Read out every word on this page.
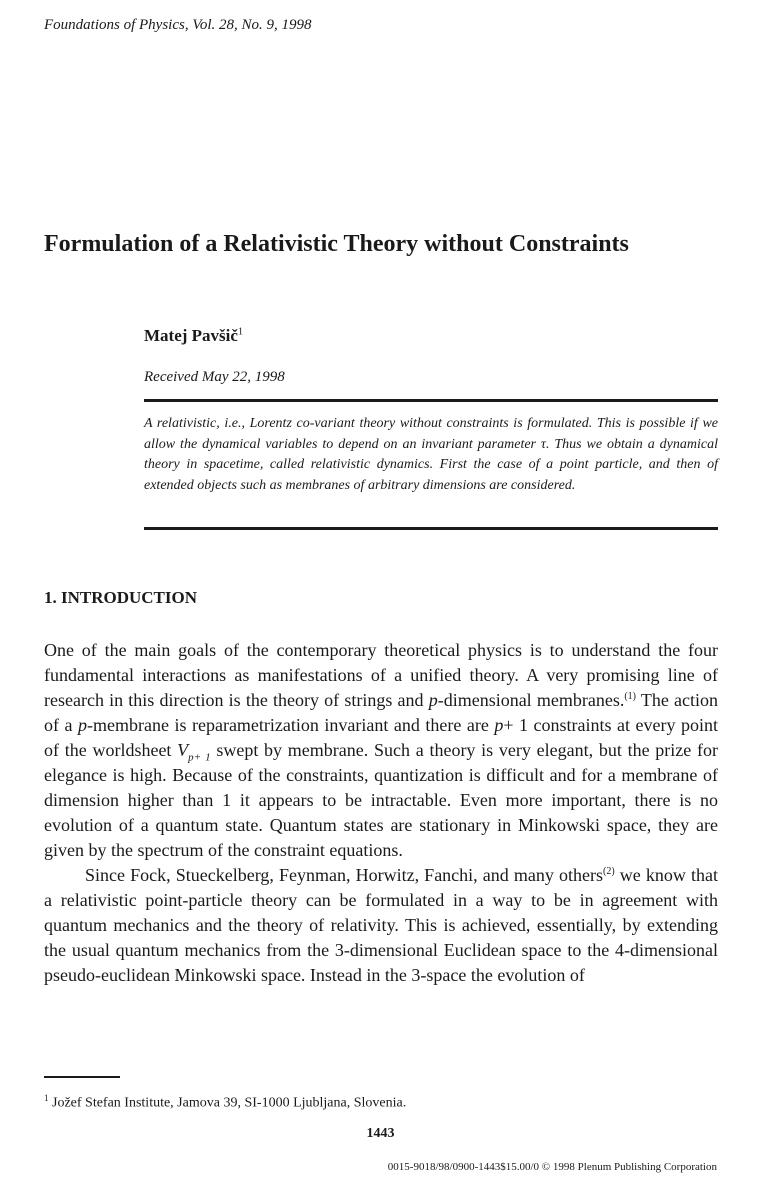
Foundations of Physics, Vol. 28, No. 9, 1998
Formulation of a Relativistic Theory without Constraints
Matej Pavšič$^1$
Received May 22, 1998
A relativistic, i.e., Lorentz co-variant theory without constraints is formulated. This is possible if we allow the dynamical variables to depend on an invariant parameter τ. Thus we obtain a dynamical theory in spacetime, called relativistic dynamics. First the case of a point particle, and then of extended objects such as membranes of arbitrary dimensions are considered.
1. INTRODUCTION

One of the main goals of the contemporary theoretical physics is to understand the four fundamental interactions as manifestations of a unified theory. A very promising line of research in this direction is the theory of strings and p-dimensional membranes.$^{(1)}$ The action of a p-membrane is reparametrization invariant and there are p+ 1 constraints at every point of the worldsheet $V_{p+ 1}$ swept by membrane. Such a theory is very elegant, but the prize for elegance is high. Because of the constraints, quantization is difficult and for a membrane of dimension higher than 1 it appears to be intractable. Even more important, there is no evolution of a quantum state. Quantum states are stationary in Minkowski space, they are given by the spectrum of the constraint equations.

Since Fock, Stueckelberg, Feynman, Horwitz, Fanchi, and many others$^{(2)}$ we know that a relativistic point-particle theory can be formulated in a way to be in agreement with quantum mechanics and the theory of relativity. This is achieved, essentially, by extending the usual quantum mechanics from the 3-dimensional Euclidean space to the 4-dimensional pseudo-euclidean Minkowski space. Instead in the 3-space the evolution of

$^1$ Jožef Stefan Institute, Jamova 39, SI-1000 Ljubljana, Slovenia.
1443
0015-9018/98/0900-1443$15.00/0 © 1998 Plenum Publishing Corporation
